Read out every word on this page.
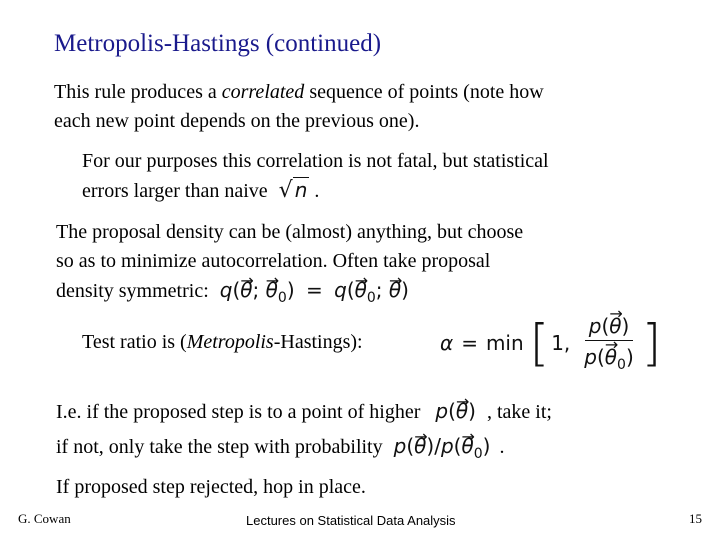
Metropolis-Hastings (continued)
This rule produces a correlated sequence of points (note how
each new point depends on the previous one).
For our purposes this correlation is not fatal, but statistical
errors larger than naive √ n .
The proposal density can be (almost) anything, but choose
so as to minimize autocorrelation. Often take proposal
density symmetric: q(→ θ; → $\theta_0) = q(\to \theta_0$; → θ)
Test ratio is (Metropolis-Hastings):	α = min [ 1, $\frac{p(\to \theta)}{p(\to \theta_0)}$ ]
I.e. if the proposed step is to a point of higher p(→ θ) , take it;
if not, only take the step with probability $p(\to \theta)/p(\to \theta_0)$ .
If proposed step rejected, hop in place.
G. Cowan	Lectures on Statistical Data Analysis	15
